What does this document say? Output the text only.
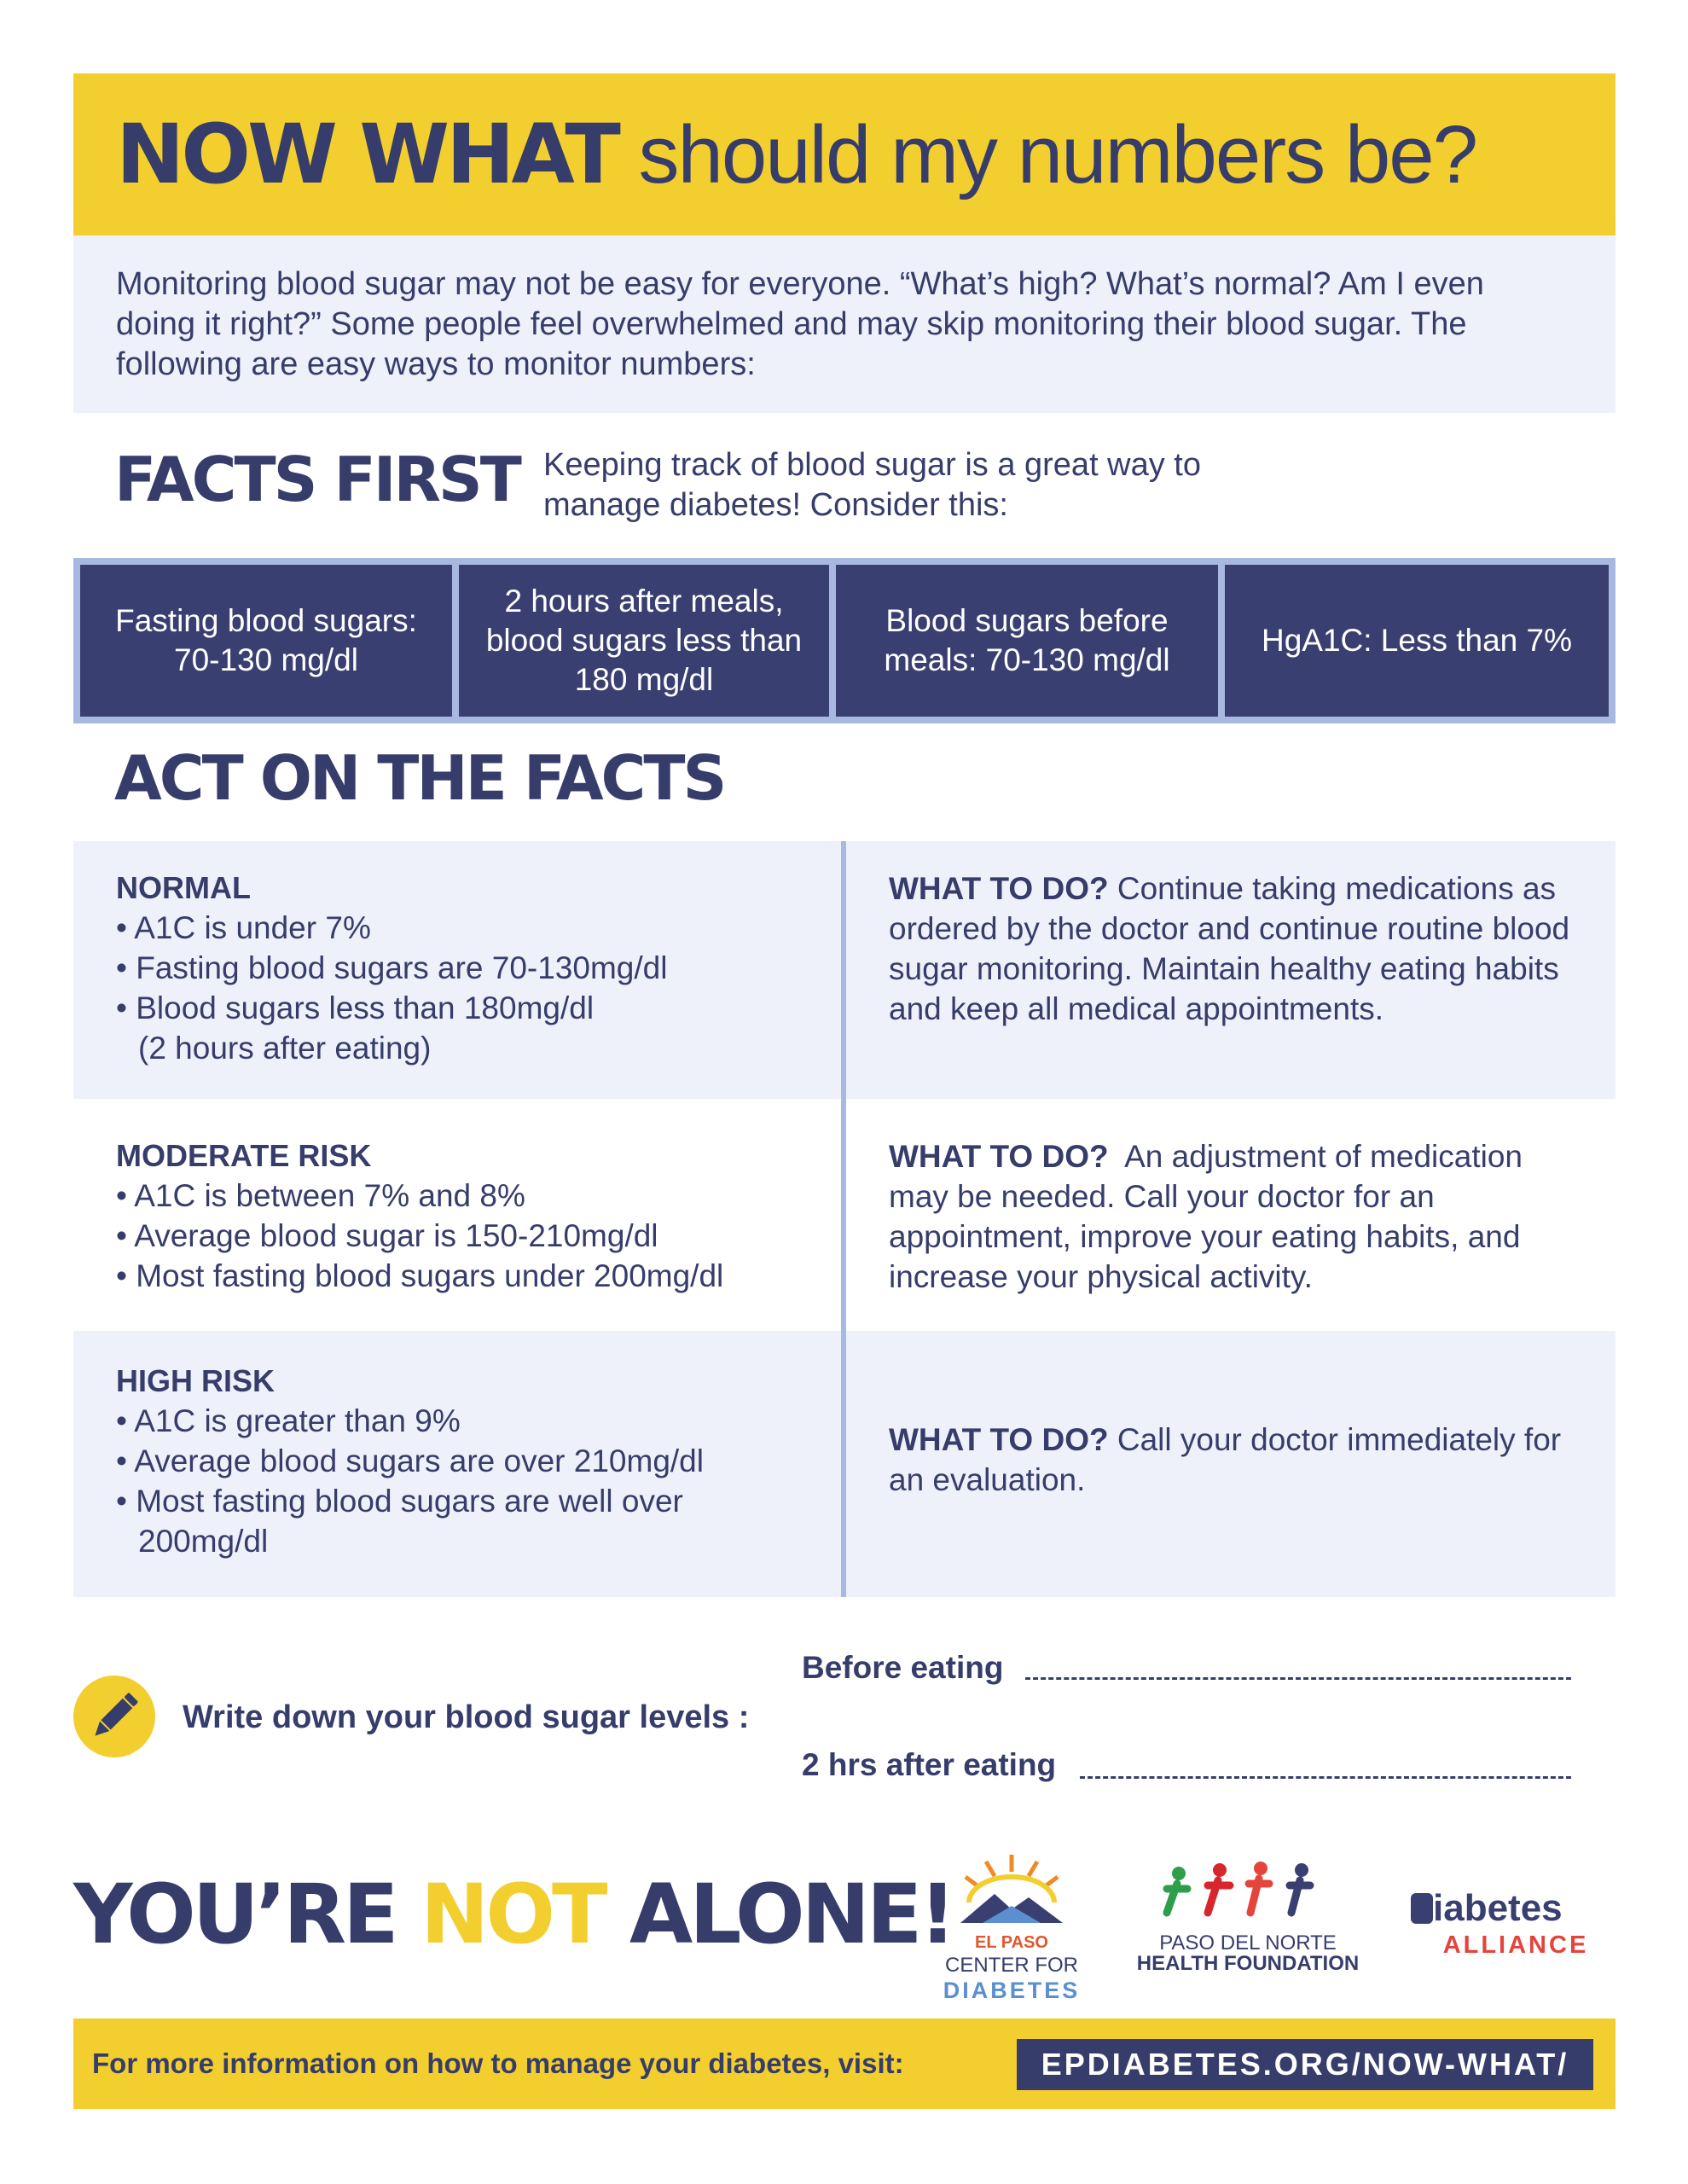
NOW WHAT should my numbers be?

Monitoring blood sugar may not be easy for everyone. “What’s high? What’s normal? Am I even doing it right?” Some people feel overwhelmed and may skip monitoring their blood sugar. The following are easy ways to monitor numbers:

FACTS FIRST Keeping track of blood sugar is a great way to manage diabetes! Consider this:
Fasting blood sugars: 70-130 mg/dl
2 hours after meals, blood sugars less than 180 mg/dl
Blood sugars before meals: 70-130 mg/dl
HgA1C: Less than 7%
ACT ON THE FACTS
NORMAL
• A1C is under 7%
• Fasting blood sugars are 70-130mg/dl
• Blood sugars less than 180mg/dl
(2 hours after eating)
WHAT TO DO? Continue taking medications as ordered by the doctor and continue routine blood sugar monitoring. Maintain healthy eating habits and keep all medical appointments.
MODERATE RISK
• A1C is between 7% and 8%
• Average blood sugar is 150-210mg/dl
• Most fasting blood sugars under 200mg/dl
WHAT TO DO?  An adjustment of medication may be needed. Call your doctor for an appointment, improve your eating habits, and increase your physical activity.
HIGH RISK
• A1C is greater than 9%
• Average blood sugars are over 210mg/dl
• Most fasting blood sugars are well over
200mg/dl
WHAT TO DO? Call your doctor immediately for an evaluation.
Write down your blood sugar levels :
Before eating
2 hrs after eating
YOU’RE NOT ALONE!	EL PASO
CENTER FOR
DIABETES
PASO DEL NORTE
HEALTH FOUNDATION
iabetes
ALLIANCE
For more information on how to manage your diabetes, visit:	EPDIABETES.ORG/NOW-WHAT/
